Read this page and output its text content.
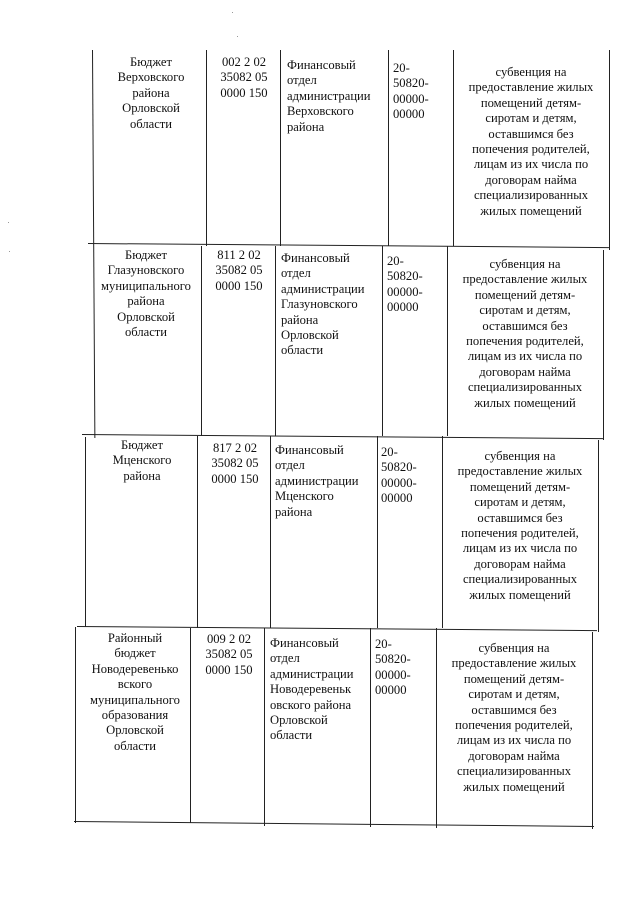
Бюджет
Верховского
района
Орловской
области
002 2 02
35082 05
0000 150
Финансовый
отдел
администрации
Верховского
района
20-
50820-
00000-
00000
субвенция на
предоставление жилых
помещений детям-
сиротам и детям,
оставшимся без
попечения родителей,
лицам из их числа по
договорам найма
специализированных
жилых помещений
Бюджет
Глазуновского
муниципального
района
Орловской
области
811 2 02
35082 05
0000 150
Финансовый
отдел
администрации
Глазуновского
района
Орловской
области
20-
50820-
00000-
00000
субвенция на
предоставление жилых
помещений детям-
сиротам и детям,
оставшимся без
попечения родителей,
лицам из их числа по
договорам найма
специализированных
жилых помещений
Бюджет
Мценского
района
817 2 02
35082 05
0000 150
Финансовый
отдел
администрации
Мценского
района
20-
50820-
00000-
00000
субвенция на
предоставление жилых
помещений детям-
сиротам и детям,
оставшимся без
попечения родителей,
лицам из их числа по
договорам найма
специализированных
жилых помещений
Районный
бюджет
Новодеревенько
вского
муниципального
образования
Орловской
области
009 2 02
35082 05
0000 150
Финансовый
отдел
администрации
Новодеревеньк
овского района
Орловской
области
20-
50820-
00000-
00000
субвенция на
предоставление жилых
помещений детям-
сиротам и детям,
оставшимся без
попечения родителей,
лицам из их числа по
договорам найма
специализированных
жилых помещений
